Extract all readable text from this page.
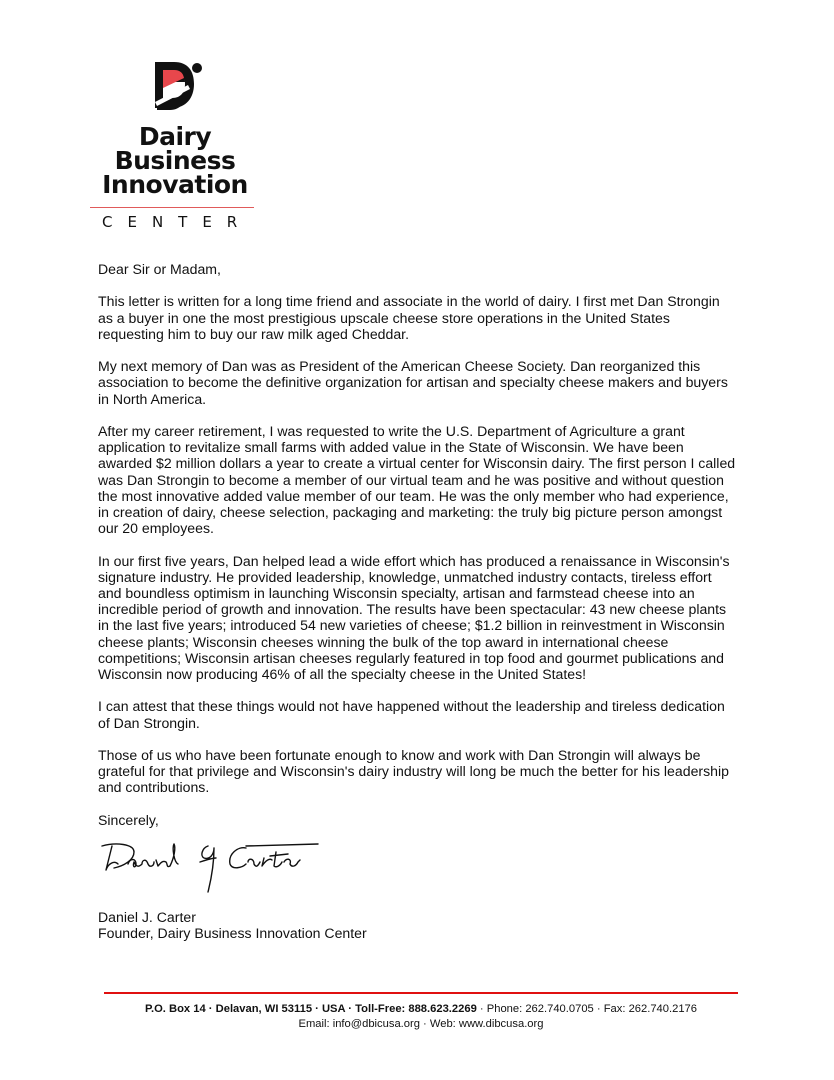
Dairy
Business
Innovation
CENTER

Dear Sir or Madam,

This letter is written for a long time friend and associate in the world of dairy. I first met Dan Strongin as a buyer in one the most prestigious upscale cheese store operations in the United States requesting him to buy our raw milk aged Cheddar.

My next memory of Dan was as President of the American Cheese Society. Dan reorganized this association to become the definitive organization for artisan and specialty cheese makers and buyers in North America.

After my career retirement, I was requested to write the U.S. Department of Agriculture a grant application to revitalize small farms with added value in the State of Wisconsin. We have been awarded $2 million dollars a year to create a virtual center for Wisconsin dairy. The first person I called was Dan Strongin to become a member of our virtual team and he was positive and without question the most innovative added value member of our team. He was the only member who had experience, in creation of dairy, cheese selection, packaging and marketing: the truly big picture person amongst our 20 employees.

In our first five years, Dan helped lead a wide effort which has produced a renaissance in Wisconsin's signature industry. He provided leadership, knowledge, unmatched industry contacts, tireless effort and boundless optimism in launching Wisconsin specialty, artisan and farmstead cheese into an incredible period of growth and innovation. The results have been spectacular: 43 new cheese plants in the last five years; introduced 54 new varieties of cheese; $1.2 billion in reinvestment in Wisconsin cheese plants; Wisconsin cheeses winning the bulk of the top award in international cheese competitions; Wisconsin artisan cheeses regularly featured in top food and gourmet publications and Wisconsin now producing 46% of all the specialty cheese in the United States!

I can attest that these things would not have happened without the leadership and tireless dedication of Dan Strongin.

Those of us who have been fortunate enough to know and work with Dan Strongin will always be grateful for that privilege and Wisconsin's dairy industry will long be much the better for his leadership and contributions.

Sincerely,

Daniel J. Carter
Founder, Dairy Business Innovation Center
P.O. Box 14 · Delavan, WI 53115 · USA · Toll-Free: 888.623.2269 · Phone: 262.740.0705 · Fax: 262.740.2176
Email: info@dbicusa.org · Web: www.dibcusa.org
